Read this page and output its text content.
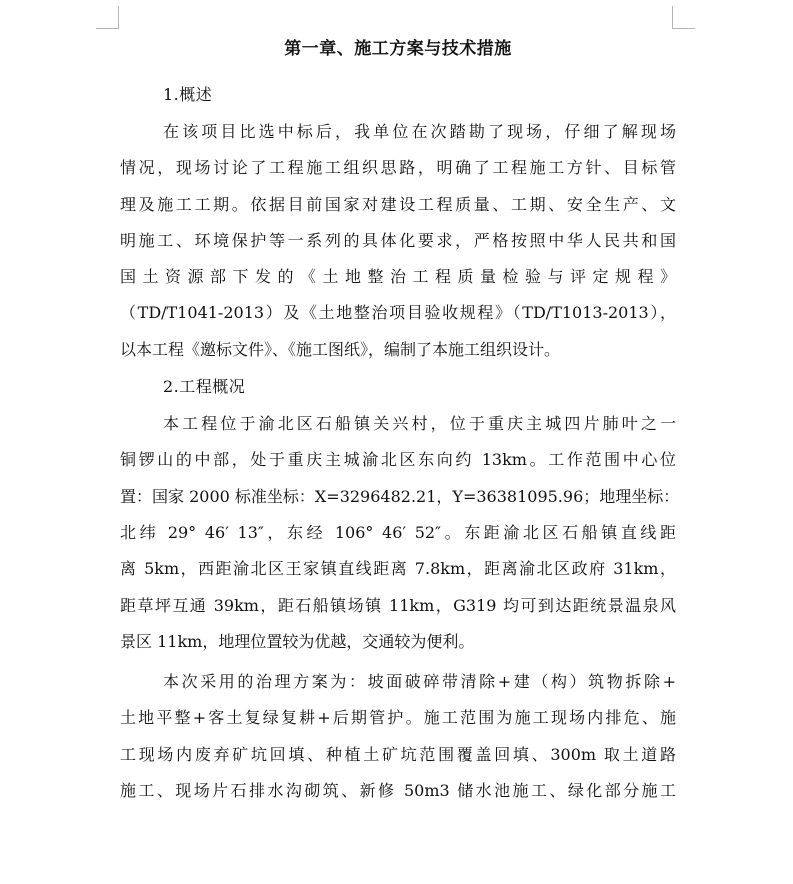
第一章、施工方案与技术措施
1.概述
在该项目比选中标后，我单位在次踏勘了现场，仔细了解现场
情况，现场讨论了工程施工组织思路，明确了工程施工方针、目标管
理及施工工期。依据目前国家对建设工程质量、工期、安全生产、文
明施工、环境保护等一系列的具体化要求，严格按照中华人民共和国
国土资源部下发的《土地整治工程质量检验与评定规程》
（TD/T1041-2013）及《土地整治项目验收规程》（TD/T1013-2013），
以本工程《邀标文件》、《施工图纸》，编制了本施工组织设计。
2.工程概况
本工程位于渝北区石船镇关兴村，位于重庆主城四片肺叶之一
铜锣山的中部，处于重庆主城渝北区东向约 13km。工作范围中心位
置：国家 2000 标准坐标：X=3296482.21，Y=36381095.96；地理坐标：
北纬 29° 46′ 13″，东经 106° 46′ 52″。东距渝北区石船镇直线距
离 5km，西距渝北区王家镇直线距离 7.8km，距离渝北区政府 31km，
距草坪互通 39km，距石船镇场镇 11km，G319 均可到达距统景温泉风
景区 11km，地理位置较为优越，交通较为便利。
本次采用的治理方案为：坡面破碎带清除+建（构）筑物拆除+
土地平整+客土复绿复耕+后期管护。施工范围为施工现场内排危、施
工现场内废弃矿坑回填、种植土矿坑范围覆盖回填、300m 取土道路
施工、现场片石排水沟砌筑、新修 50m3 储水池施工、绿化部分施工
